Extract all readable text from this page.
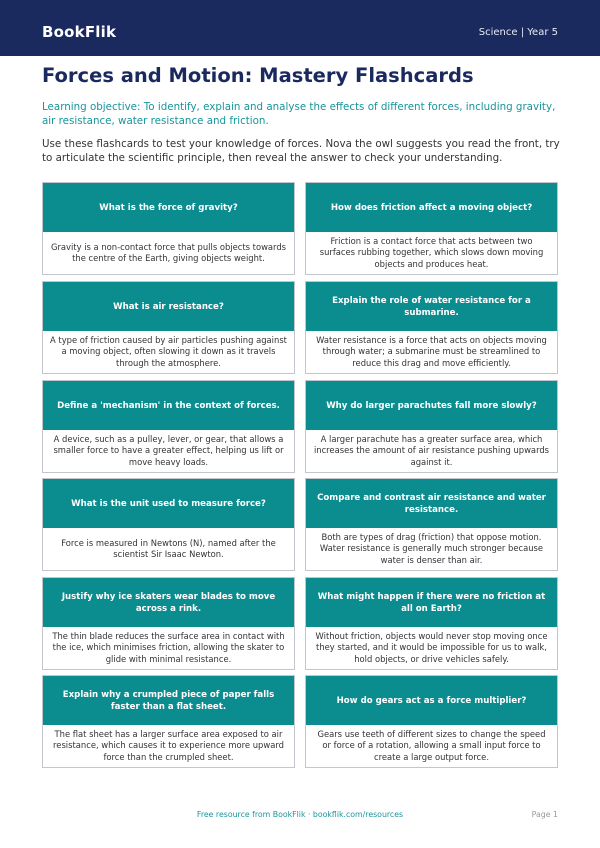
BookFlik	Science | Year 5
Forces and Motion: Mastery Flashcards

Learning objective: To identify, explain and analyse the effects of different forces, including gravity, air resistance, water resistance and friction.

Use these flashcards to test your knowledge of forces. Nova the owl suggests you read the front, try to articulate the scientific principle, then reveal the answer to check your understanding.

What is the force of gravity?
Gravity is a non-contact force that pulls objects towards the centre of the Earth, giving objects weight.
How does friction affect a moving object?
Friction is a contact force that acts between two surfaces rubbing together, which slows down moving objects and produces heat.
What is air resistance?
A type of friction caused by air particles pushing against a moving object, often slowing it down as it travels through the atmosphere.
Explain the role of water resistance for a submarine.
Water resistance is a force that acts on objects moving through water; a submarine must be streamlined to reduce this drag and move efficiently.
Define a 'mechanism' in the context of forces.
A device, such as a pulley, lever, or gear, that allows a smaller force to have a greater effect, helping us lift or move heavy loads.
Why do larger parachutes fall more slowly?
A larger parachute has a greater surface area, which increases the amount of air resistance pushing upwards against it.
What is the unit used to measure force?
Force is measured in Newtons (N), named after the scientist Sir Isaac Newton.
Compare and contrast air resistance and water resistance.
Both are types of drag (friction) that oppose motion. Water resistance is generally much stronger because water is denser than air.
Justify why ice skaters wear blades to move across a rink.
The thin blade reduces the surface area in contact with the ice, which minimises friction, allowing the skater to glide with minimal resistance.
What might happen if there were no friction at all on Earth?
Without friction, objects would never stop moving once they started, and it would be impossible for us to walk, hold objects, or drive vehicles safely.
Explain why a crumpled piece of paper falls faster than a flat sheet.
The flat sheet has a larger surface area exposed to air resistance, which causes it to experience more upward force than the crumpled sheet.
How do gears act as a force multiplier?
Gears use teeth of different sizes to change the speed or force of a rotation, allowing a small input force to create a large output force.
Free resource from BookFlik · bookflik.com/resources	Page 1
